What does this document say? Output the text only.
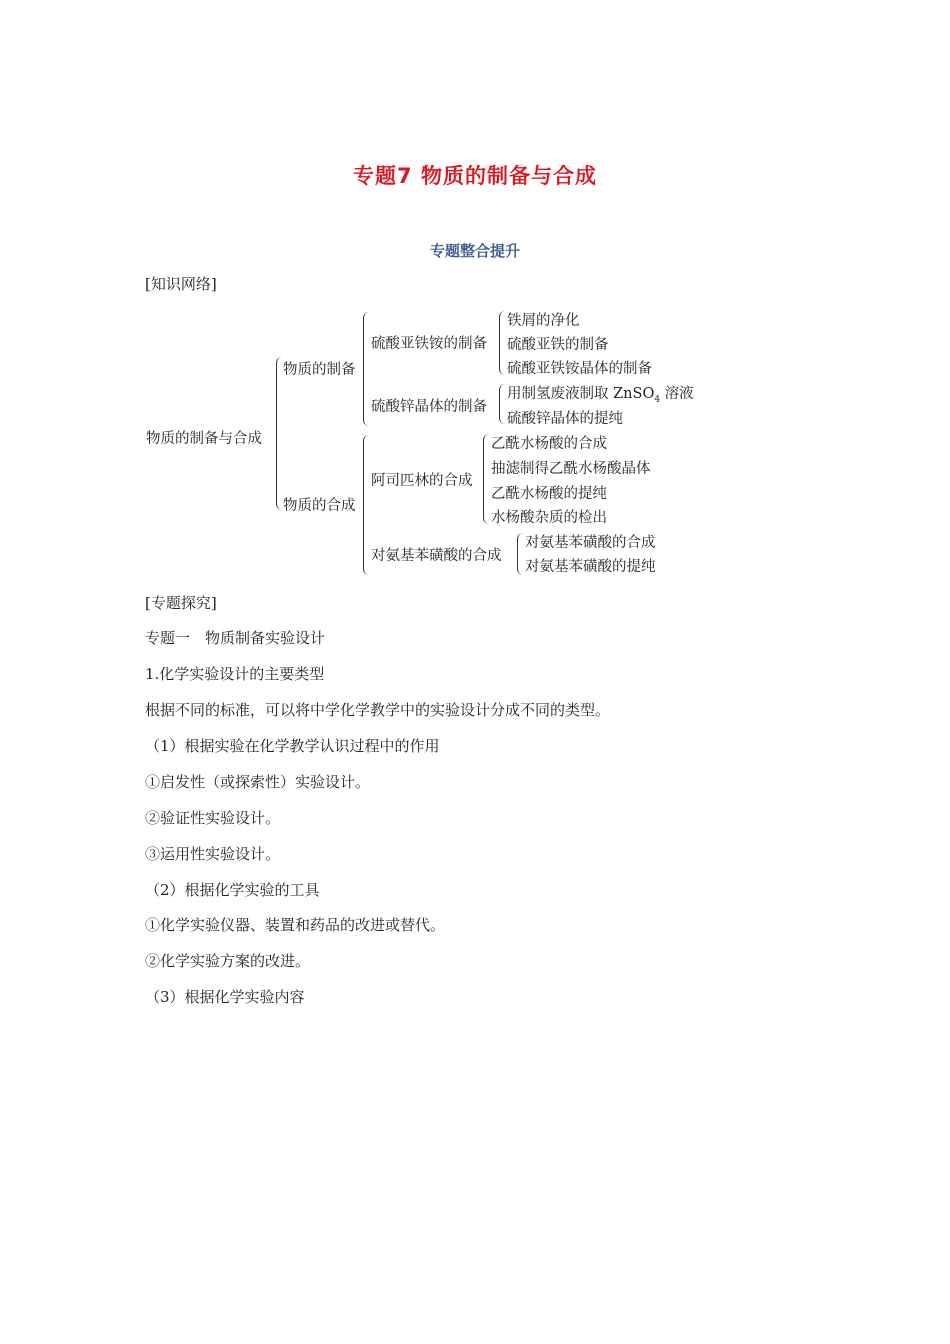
专题7 物质的制备与合成
专题整合提升
[知识网络]
物质的制备与合成
物质的制备
硫酸亚铁铵的制备
铁屑的净化
硫酸亚铁的制备
硫酸亚铁铵晶体的制备
硫酸锌晶体的制备
用制氢废液制取 ZnSO$_4$ 溶液
硫酸锌晶体的提纯
物质的合成
阿司匹林的合成
乙酰水杨酸的合成
抽滤制得乙酰水杨酸晶体
乙酰水杨酸的提纯
水杨酸杂质的检出
对氨基苯磺酸的合成
对氨基苯磺酸的合成
对氨基苯磺酸的提纯
[专题探究]
专题一　物质制备实验设计
1.化学实验设计的主要类型
根据不同的标准，可以将中学化学教学中的实验设计分成不同的类型。
（1）根据实验在化学教学认识过程中的作用
①启发性（或探索性）实验设计。
②验证性实验设计。
③运用性实验设计。
（2）根据化学实验的工具
①化学实验仪器、装置和药品的改进或替代。
②化学实验方案的改进。
（3）根据化学实验内容
